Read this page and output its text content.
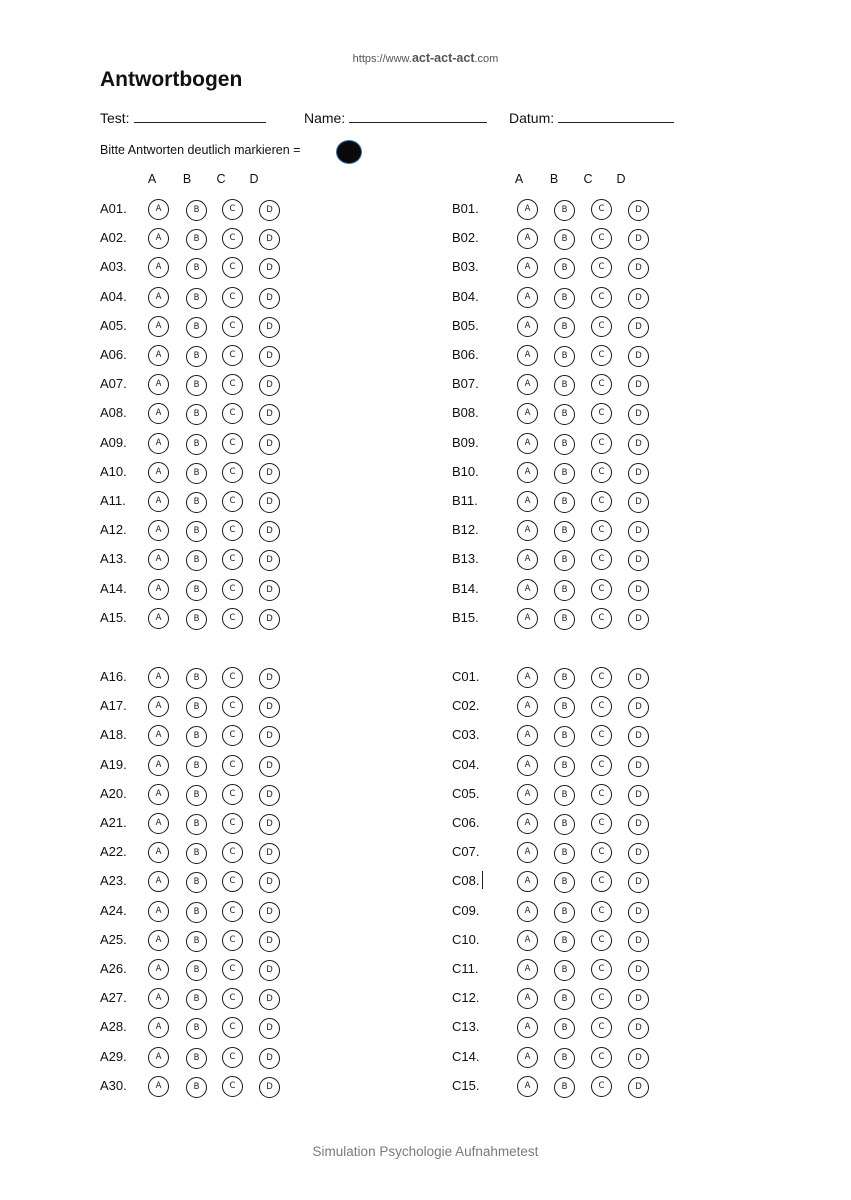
https://www.act-act-act.com
Antwortbogen
Test:	Name:	Datum:
Bitte Antworten deutlich markieren =
A B C D	A B C D
A01.	A	B	C	D
A02.	A	B	C	D
A03.	A	B	C	D
A04.	A	B	C	D
A05.	A	B	C	D
A06.	A	B	C	D
A07.	A	B	C	D
A08.	A	B	C	D
A09.	A	B	C	D
A10.	A	B	C	D
A11.	A	B	C	D
A12.	A	B	C	D
A13.	A	B	C	D
A14.	A	B	C	D
A15.	A	B	C	D
B01.	A	B	C	D
B02.	A	B	C	D
B03.	A	B	C	D
B04.	A	B	C	D
B05.	A	B	C	D
B06.	A	B	C	D
B07.	A	B	C	D
B08.	A	B	C	D
B09.	A	B	C	D
B10.	A	B	C	D
B11.	A	B	C	D
B12.	A	B	C	D
B13.	A	B	C	D
B14.	A	B	C	D
B15.	A	B	C	D
A16.	A	B	C	D
A17.	A	B	C	D
A18.	A	B	C	D
A19.	A	B	C	D
A20.	A	B	C	D
A21.	A	B	C	D
A22.	A	B	C	D
A23.	A	B	C	D
A24.	A	B	C	D
A25.	A	B	C	D
A26.	A	B	C	D
A27.	A	B	C	D
A28.	A	B	C	D
A29.	A	B	C	D
A30.	A	B	C	D
C01.	A	B	C	D
C02.	A	B	C	D
C03.	A	B	C	D
C04.	A	B	C	D
C05.	A	B	C	D
C06.	A	B	C	D
C07.	A	B	C	D
C08.	A	B	C	D
C09.	A	B	C	D
C10.	A	B	C	D
C11.	A	B	C	D
C12.	A	B	C	D
C13.	A	B	C	D
C14.	A	B	C	D
C15.	A	B	C	D
Simulation Psychologie Aufnahmetest
